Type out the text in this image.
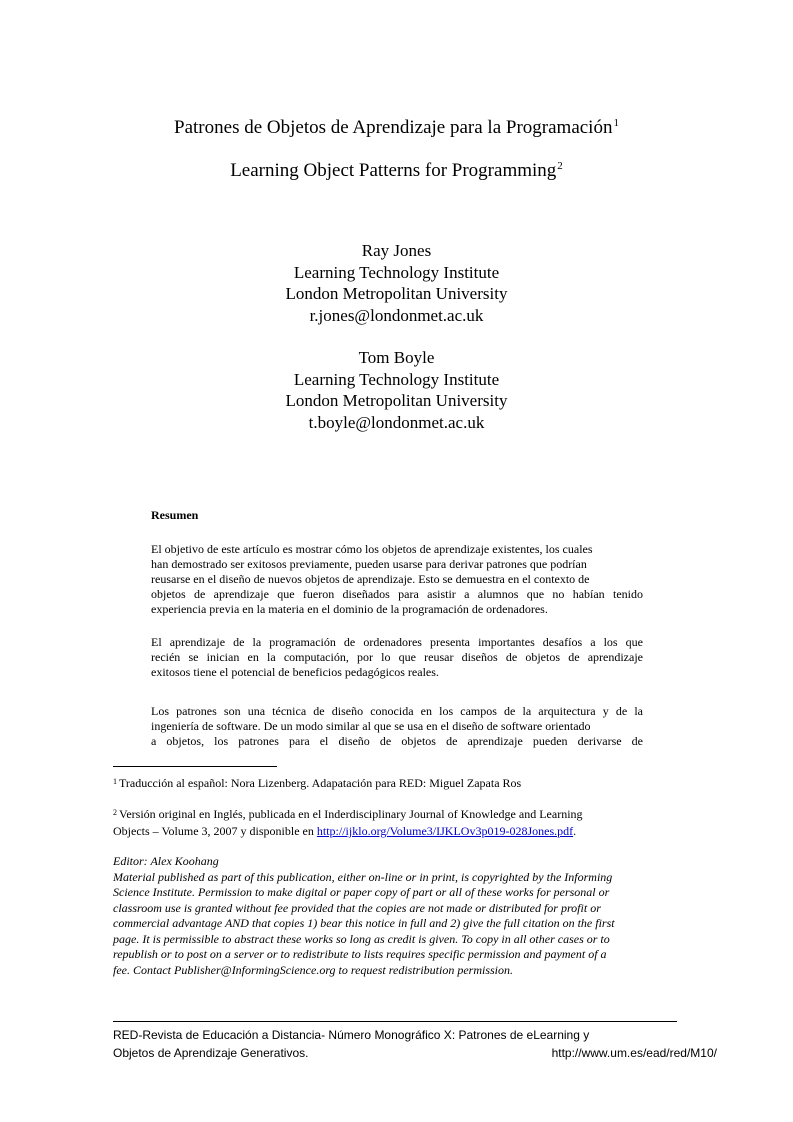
Patrones de Objetos de Aprendizaje para la Programación$^1$
Learning Object Patterns for Programming$^2$
Ray Jones
Learning Technology Institute
London Metropolitan University
r.jones@londonmet.ac.uk
Tom Boyle
Learning Technology Institute
London Metropolitan University
t.boyle@londonmet.ac.uk
Resumen

El objetivo de este artículo es mostrar cómo los objetos de aprendizaje existentes, los cuales
han demostrado ser exitosos previamente, pueden usarse para derivar patrones que podrían
reusarse en el diseño de nuevos objetos de aprendizaje. Esto se demuestra en el contexto de
objetos de aprendizaje que fueron diseñados para asistir a alumnos que no habían tenido
experiencia previa en la materia en el dominio de la programación de ordenadores.

El aprendizaje de la programación de ordenadores presenta importantes desafíos a los que
recién se inician en la computación, por lo que reusar diseños de objetos de aprendizaje
exitosos tiene el potencial de beneficios pedagógicos reales.

Los patrones son una técnica de diseño conocida en los campos de la arquitectura y de la
ingeniería de software. De un modo similar al que se usa en el diseño de software orientado
a objetos, los patrones para el diseño de objetos de aprendizaje pueden derivarse de

$^1$ Traducción al español: Nora Lizenberg. Adapatación para RED: Miguel Zapata Ros
$^2$ Versión original en Inglés, publicada en el Inderdisciplinary Journal of Knowledge and Learning
Objects – Volume 3, 2007 y disponible en http://ijklo.org/Volume3/IJKLOv3p019-028Jones.pdf.
Editor: Alex Koohang
Material published as part of this publication, either on-line or in print, is copyrighted by the Informing
Science Institute. Permission to make digital or paper copy of part or all of these works for personal or
classroom use is granted without fee provided that the copies are not made or distributed for profit or
commercial advantage AND that copies 1) bear this notice in full and 2) give the full citation on the first
page. It is permissible to abstract these works so long as credit is given. To copy in all other cases or to
republish or to post on a server or to redistribute to lists requires specific permission and payment of a
fee. Contact Publisher@InformingScience.org to request redistribution permission.
RED-Revista de Educación a Distancia- Número Monográfico X: Patrones de eLearning y
Objetos de Aprendizaje Generativos.	http://www.um.es/ead/red/M10/
